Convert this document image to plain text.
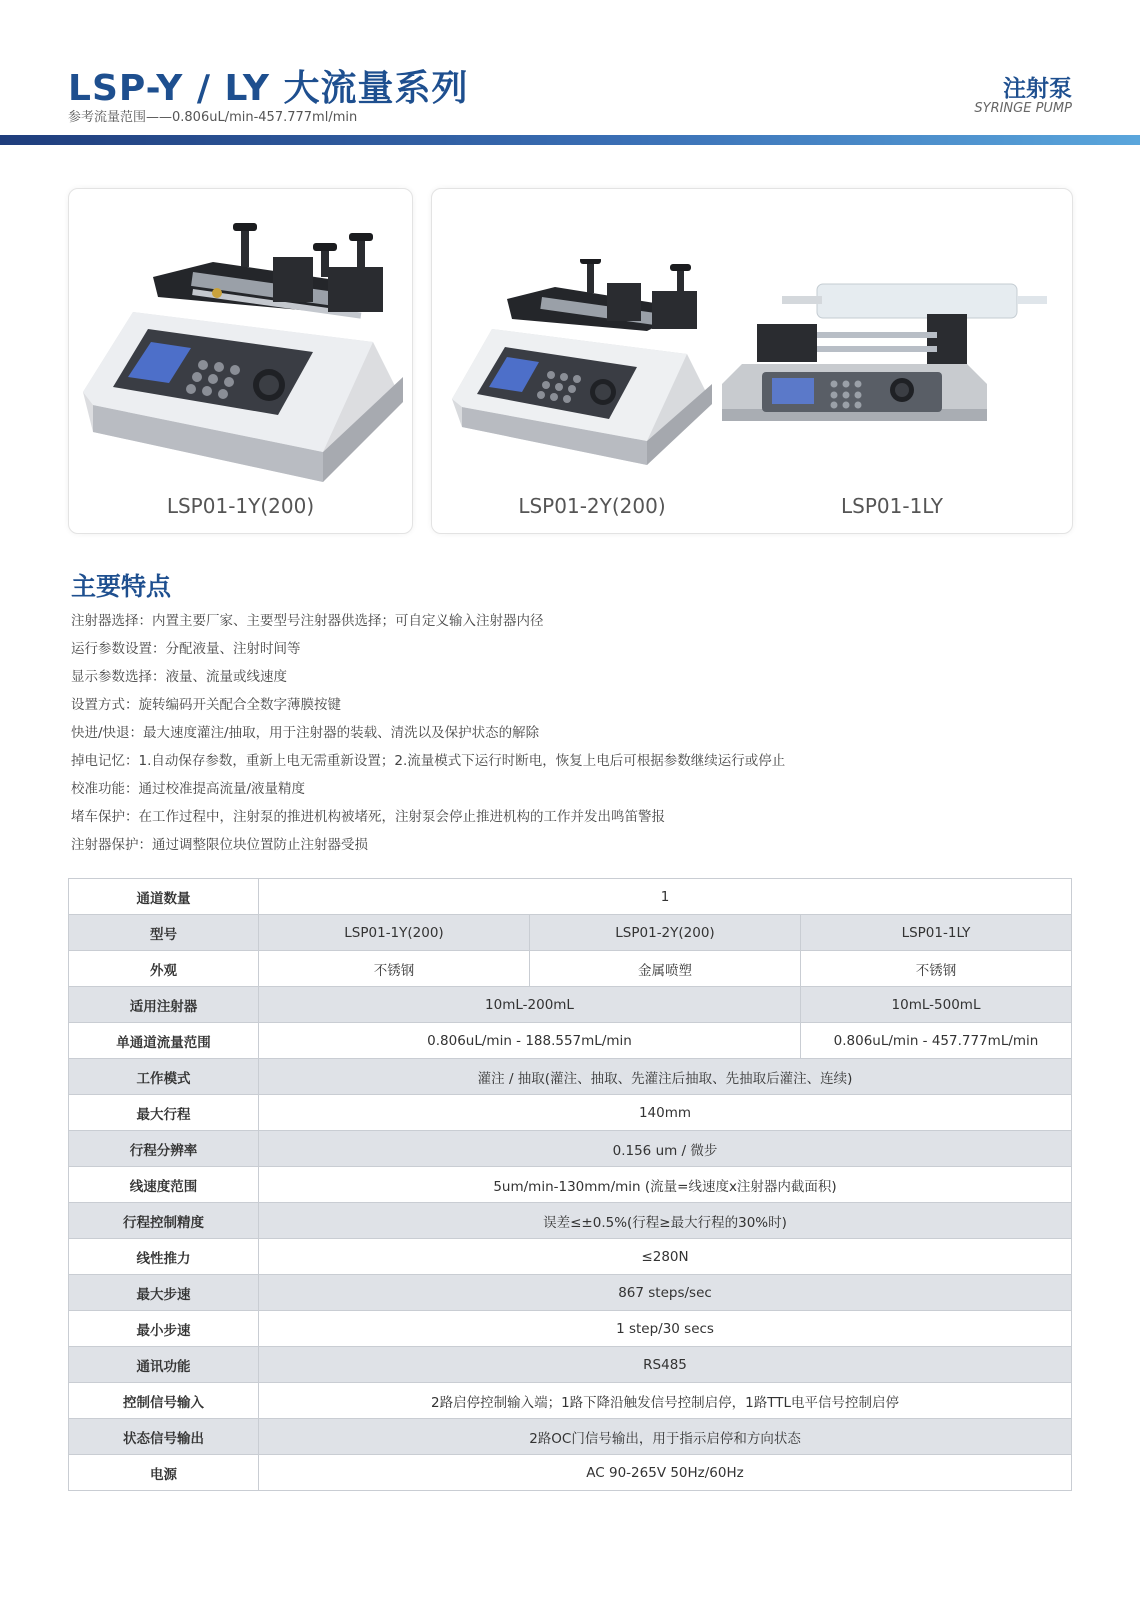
LSP-Y / LY 大流量系列
参考流量范围——0.806uL/min-457.777ml/min
注射泵
SYRINGE PUMP
LSP01-1Y(200)	LSP01-2Y(200)	LSP01-1LY
主要特点
注射器选择：内置主要厂家、主要型号注射器供选择；可自定义输入注射器内径
运行参数设置：分配液量、注射时间等
显示参数选择：液量、流量或线速度
设置方式：旋转编码开关配合全数字薄膜按键
快进/快退：最大速度灌注/抽取，用于注射器的装载、清洗以及保护状态的解除
掉电记忆：1.自动保存参数，重新上电无需重新设置；2.流量模式下运行时断电，恢复上电后可根据参数继续运行或停止
校准功能：通过校准提高流量/液量精度
堵车保护：在工作过程中，注射泵的推进机构被堵死，注射泵会停止推进机构的工作并发出鸣笛警报
注射器保护：通过调整限位块位置防止注射器受损
通道数量	1		
型号	LSP01-1Y(200)	LSP01-2Y(200)	LSP01-1LY
外观	不锈钢	金属喷塑	不锈钢
适用注射器	10mL-200mL		10mL-500mL
单通道流量范围	0.806uL/min - 188.557mL/min		0.806uL/min - 457.777mL/min
工作模式	灌注 / 抽取(灌注、抽取、先灌注后抽取、先抽取后灌注、连续)		
最大行程	140mm		
行程分辨率	0.156 um / 微步		
线速度范围	5um/min-130mm/min (流量=线速度x注射器内截面积)		
行程控制精度	误差≤±0.5%(行程≥最大行程的30%时)		
线性推力	≤280N		
最大步速	867 steps/sec		
最小步速	1 step/30 secs		
通讯功能	RS485		
控制信号输入	2路启停控制输入端；1路下降沿触发信号控制启停，1路TTL电平信号控制启停		
状态信号输出	2路OC门信号输出，用于指示启停和方向状态		
电源	AC 90-265V 50Hz/60Hz		
